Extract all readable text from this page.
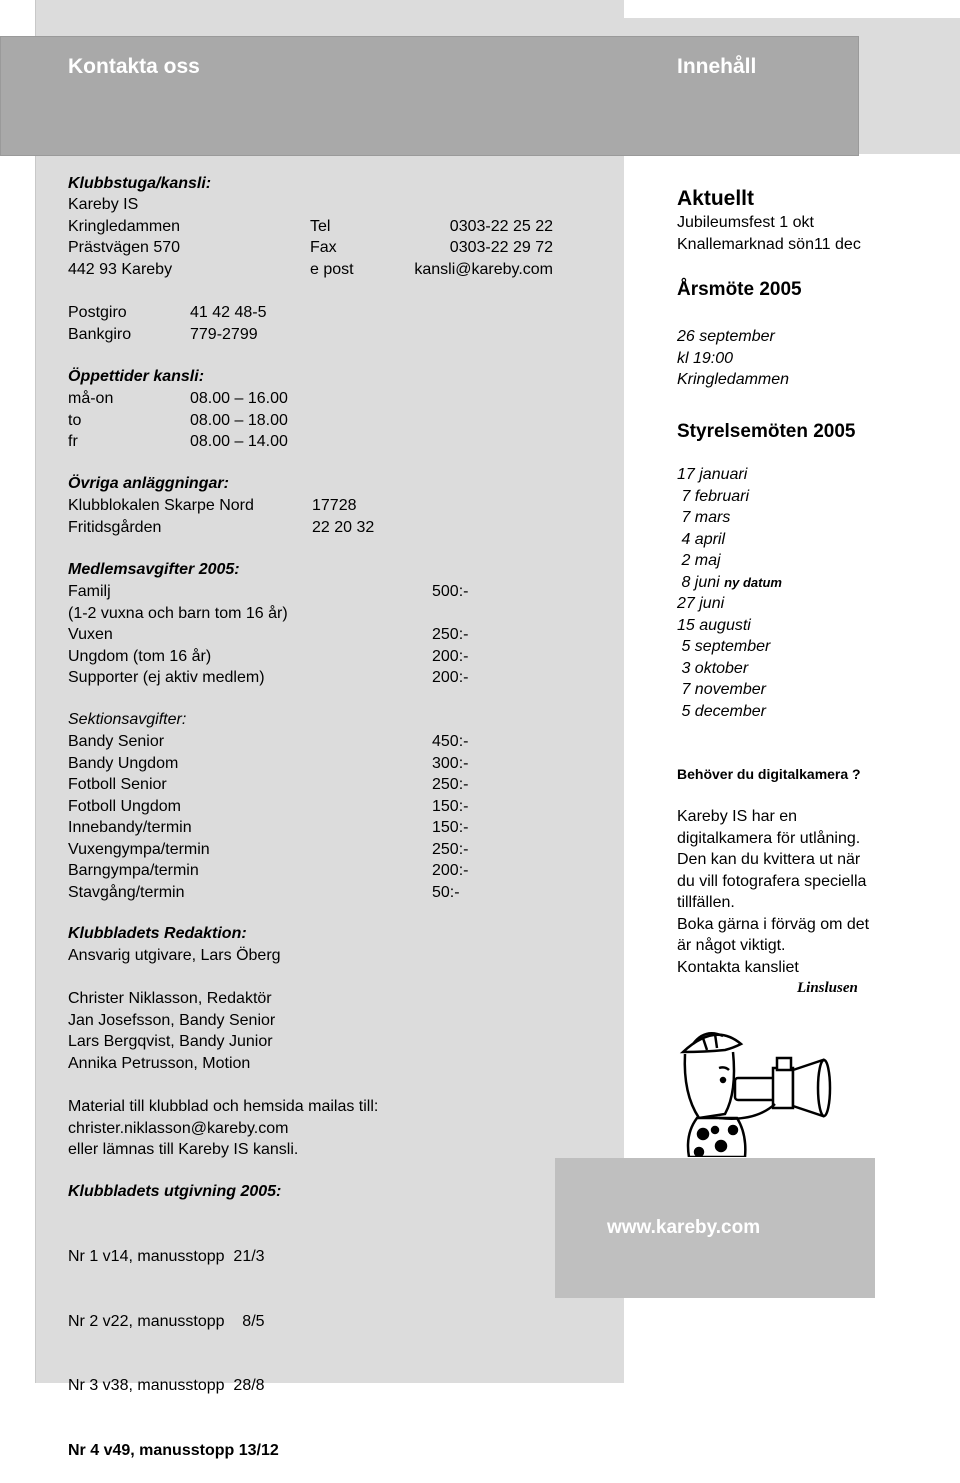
Kontakta oss	Innehåll
Klubbstuga/kansli:
Kareby IS
Kringledammen
Prästvägen 570
442 93 Kareby
Tel
Fax
e post
0303-22 25 22
0303-22 29 72
kansli@kareby.com
Postgiro
Bankgiro
41 42 48-5
779-2799
Öppettider kansli:
må-on
to
fr
08.00 – 16.00
08.00 – 18.00
08.00 – 14.00
Övriga anläggningar:
Klubblokalen Skarpe Nord
Fritidsgården
17728
22 20 32
Medlemsavgifter 2005:
Familj
(1-2 vuxna och barn tom 16 år)
Vuxen
Ungdom (tom 16 år)
Supporter (ej aktiv medlem)
500:-
250:-
200:-
200:-
Sektionsavgifter:
Bandy Senior
Bandy Ungdom
Fotboll Senior
Fotboll Ungdom
Innebandy/termin
Vuxengympa/termin
Barngympa/termin
Stavgång/termin
450:-
300:-
250:-
150:-
150:-
250:-
200:-
50:-
Klubbladets Redaktion:
Ansvarig utgivare, Lars Öberg
Christer Niklasson, Redaktör
Jan Josefsson, Bandy Senior
Lars Bergqvist, Bandy Junior
Annika Petrusson, Motion
Material till klubblad och hemsida mailas till:
christer.niklasson@kareby.com
eller lämnas till Kareby IS kansli.
Klubbladets utgivning 2005:

Nr 1 v14, manusstopp  21/3

Nr 2 v22, manusstopp    8/5

Nr 3 v38, manusstopp  28/8

Nr 4 v49, manusstopp 13/12

Aktuellt
Jubileumsfest 1 okt
Knallemarknad sön11 dec
Årsmöte 2005
26 september
kl 19:00
Kringledammen
Styrelsemöten 2005
17 januari
7 februari
7 mars
4 april
2 maj
8 juni ny datum
27 juni
15 augusti
5 september
3 oktober
7 november
5 december
Behöver du digitalkamera ?
Kareby IS har en
digitalkamera för utlåning.
Den kan du kvittera ut när
du vill fotografera speciella
tillfällen.
Boka gärna i förväg om det
är något viktigt.
Kontakta kansliet
Linslusen
www.kareby.com
